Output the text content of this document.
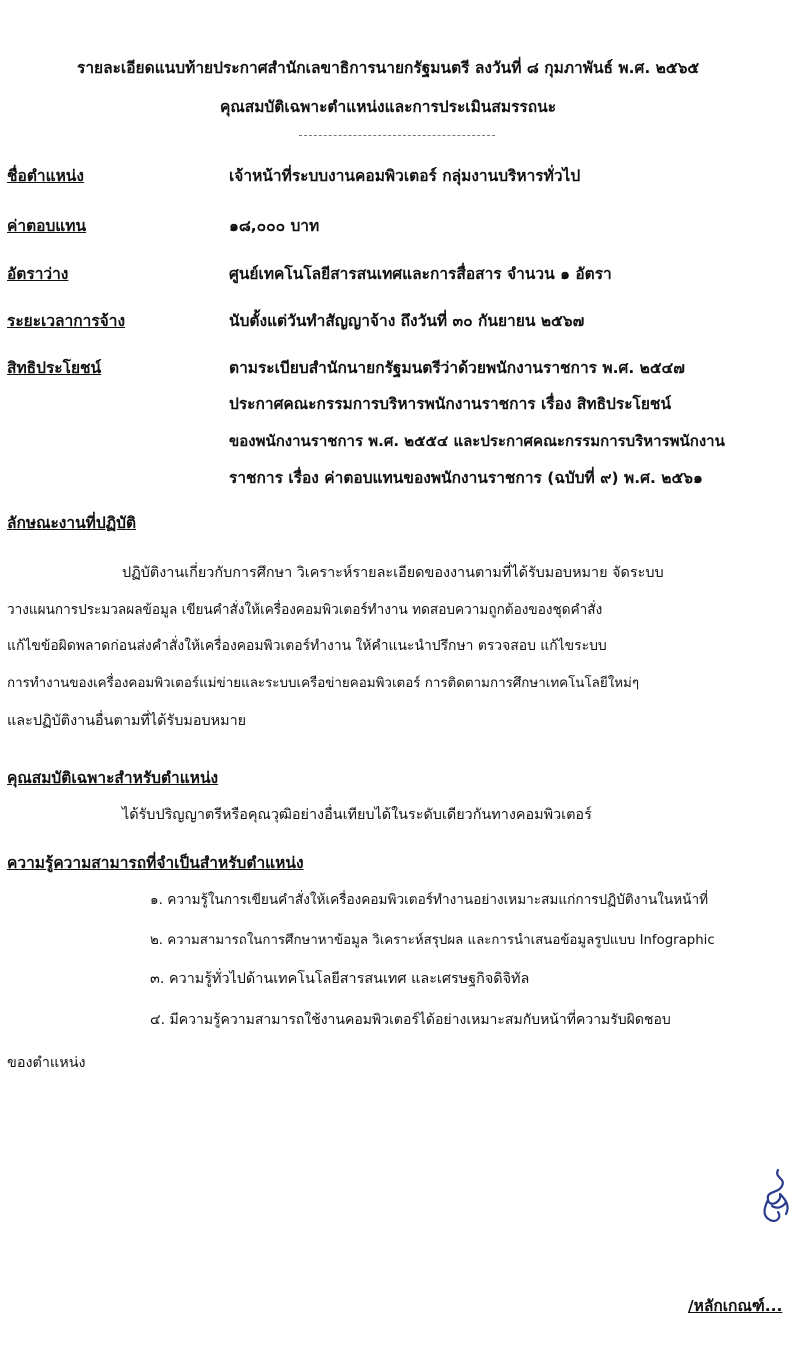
รายละเอียดแนบท้ายประกาศสำนักเลขาธิการนายกรัฐมนตรี ลงวันที่ ๘ กุมภาพันธ์ พ.ศ. ๒๕๖๕
คุณสมบัติเฉพาะตำแหน่งและการประเมินสมรรถนะ
ชื่อตำแหน่ง	เจ้าหน้าที่ระบบงานคอมพิวเตอร์ กลุ่มงานบริหารทั่วไป
ค่าตอบแทน	๑๘,๐๐๐ บาท
อัตราว่าง	ศูนย์เทคโนโลยีสารสนเทศและการสื่อสาร จำนวน ๑ อัตรา
ระยะเวลาการจ้าง	นับตั้งแต่วันทำสัญญาจ้าง ถึงวันที่ ๓๐ กันยายน ๒๕๖๗
สิทธิประโยชน์	ตามระเบียบสำนักนายกรัฐมนตรีว่าด้วยพนักงานราชการ พ.ศ. ๒๕๔๗
ประกาศคณะกรรมการบริหารพนักงานราชการ เรื่อง สิทธิประโยชน์
ของพนักงานราชการ พ.ศ. ๒๕๕๔ และประกาศคณะกรรมการบริหารพนักงาน
ราชการ เรื่อง ค่าตอบแทนของพนักงานราชการ (ฉบับที่ ๙) พ.ศ. ๒๕๖๑
ลักษณะงานที่ปฏิบัติ
ปฏิบัติงานเกี่ยวกับการศึกษา วิเคราะห์รายละเอียดของงานตามที่ได้รับมอบหมาย จัดระบบ
วางแผนการประมวลผลข้อมูล เขียนคำสั่งให้เครื่องคอมพิวเตอร์ทำงาน ทดสอบความถูกต้องของชุดคำสั่ง
แก้ไขข้อผิดพลาดก่อนส่งคำสั่งให้เครื่องคอมพิวเตอร์ทำงาน ให้คำแนะนำปรึกษา ตรวจสอบ แก้ไขระบบ
การทำงานของเครื่องคอมพิวเตอร์แม่ข่ายและระบบเครือข่ายคอมพิวเตอร์ การติดตามการศึกษาเทคโนโลยีใหม่ๆ
และปฏิบัติงานอื่นตามที่ได้รับมอบหมาย
คุณสมบัติเฉพาะสำหรับตำแหน่ง
ได้รับปริญญาตรีหรือคุณวุฒิอย่างอื่นเทียบได้ในระดับเดียวกันทางคอมพิวเตอร์
ความรู้ความสามารถที่จำเป็นสำหรับตำแหน่ง
๑. ความรู้ในการเขียนคำสั่งให้เครื่องคอมพิวเตอร์ทำงานอย่างเหมาะสมแก่การปฏิบัติงานในหน้าที่
๒. ความสามารถในการศึกษาหาข้อมูล วิเคราะห์สรุปผล และการนำเสนอข้อมูลรูปแบบ Infographic
๓. ความรู้ทั่วไปด้านเทคโนโลยีสารสนเทศ และเศรษฐกิจดิจิทัล
๔. มีความรู้ความสามารถใช้งานคอมพิวเตอร์ได้อย่างเหมาะสมกับหน้าที่ความรับผิดชอบ
ของตำแหน่ง
/หลักเกณฑ์...
